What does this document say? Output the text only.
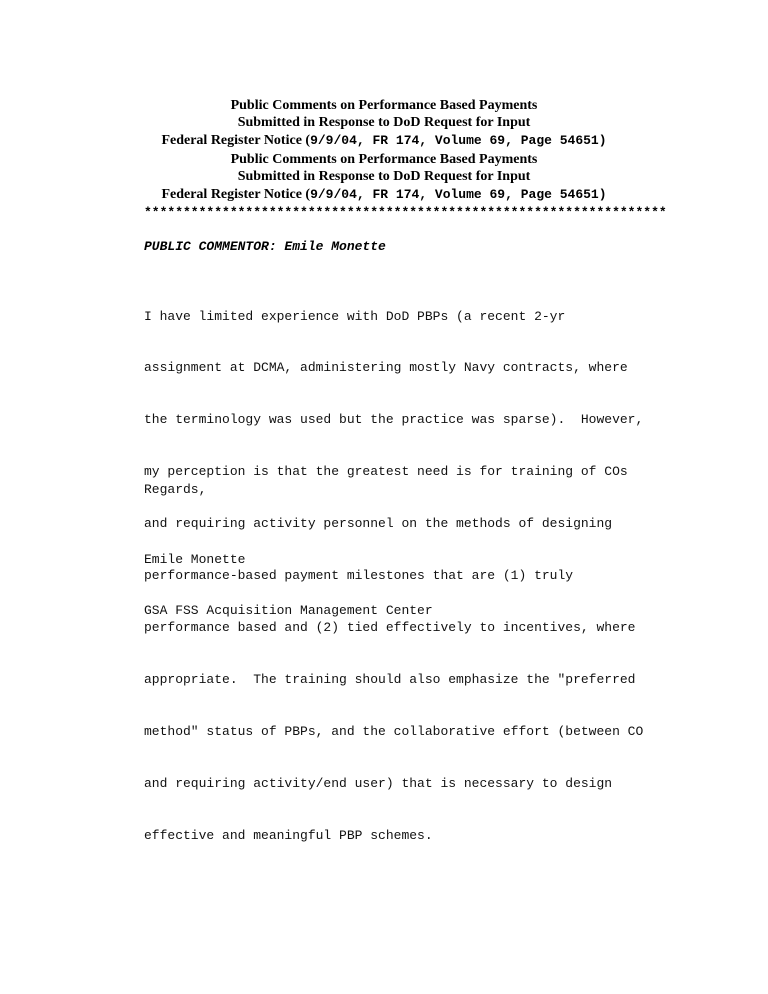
Public Comments on Performance Based Payments
Submitted in Response to DoD Request for Input
Federal Register Notice (9/9/04, FR 174, Volume 69, Page 54651)
Public Comments on Performance Based Payments
Submitted in Response to DoD Request for Input
Federal Register Notice (9/9/04, FR 174, Volume 69, Page 54651)
*******************************************************************
PUBLIC COMMENTOR: Emile Monette

I have limited experience with DoD PBPs (a recent 2-yr

assignment at DCMA, administering mostly Navy contracts, where

the terminology was used but the practice was sparse).  However,

my perception is that the greatest need is for training of COs

and requiring activity personnel on the methods of designing

performance-based payment milestones that are (1) truly

performance based and (2) tied effectively to incentives, where

appropriate.  The training should also emphasize the "preferred

method" status of PBPs, and the collaborative effort (between CO

and requiring activity/end user) that is necessary to design

effective and meaningful PBP schemes.

Regards,

Emile Monette

GSA FSS Acquisition Management Center
